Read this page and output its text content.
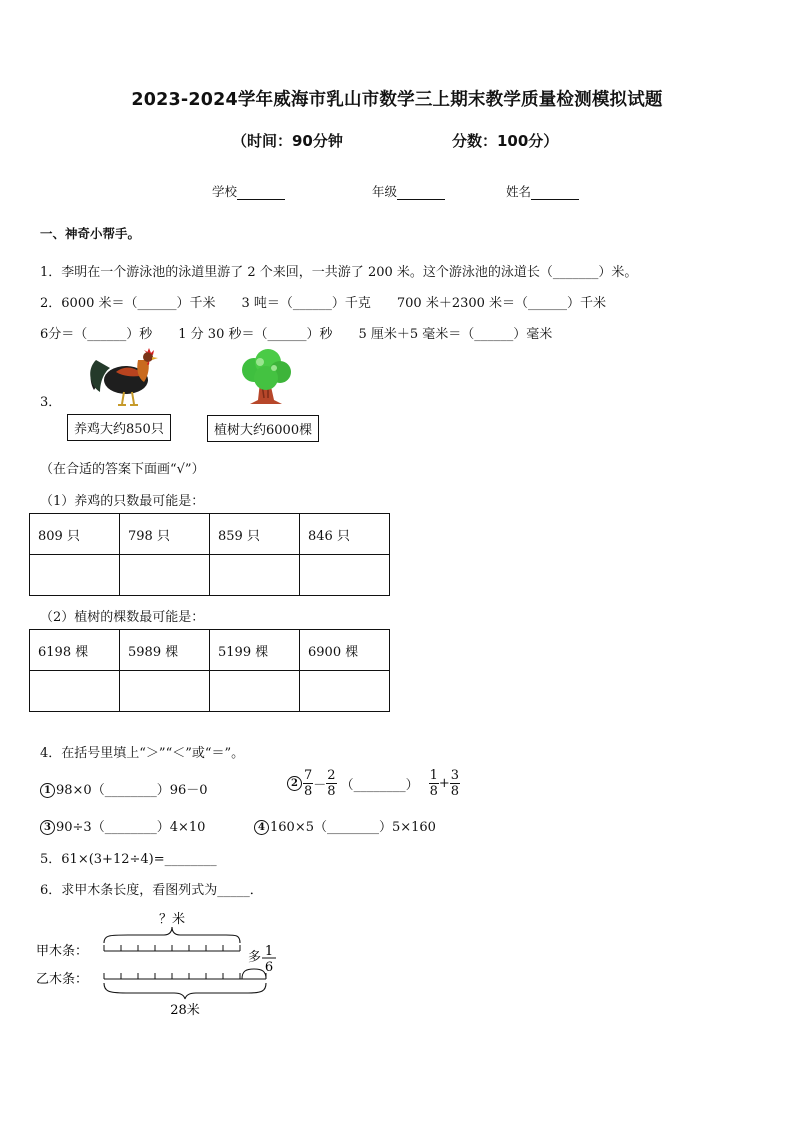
2023-2024学年威海市乳山市数学三上期末教学质量检测模拟试题
（时间：90分钟	分数：100分）
学校	年级	姓名
一、神奇小帮手。
1．李明在一个游泳池的泳道里游了 2 个来回，一共游了 200 米。这个游泳池的泳道长（_______）米。
2．6000 米＝（______）千米　　3 吨＝（______）千克　　700 米＋2300 米＝（______）千米
6分＝（______）秒　　1 分 30 秒＝（______）秒　　5 厘米＋5 毫米＝（______）毫米
3．
养鸡大约850只	植树大约6000棵
（在合适的答案下面画“√”）
（1）养鸡的只数最可能是：
809 只	798 只	859 只	846 只

（2）植树的棵数最可能是：
6198 棵	5989 棵	5199 棵	6900 棵

4．在括号里填上“＞”“＜”或“＝”。
1 98×0（________）96－0	$2 \frac{7}{8} - \frac{2}{8}$ （________） $\frac{1}{8} + \frac{3}{8}$
3 90÷3（________）4×10	4 160×5（________）5×160
5．61×(3+12÷4)=________
6．求甲木条长度，看图列式为_____．
？米
甲木条：
乙木条：
多 1
6
28米
